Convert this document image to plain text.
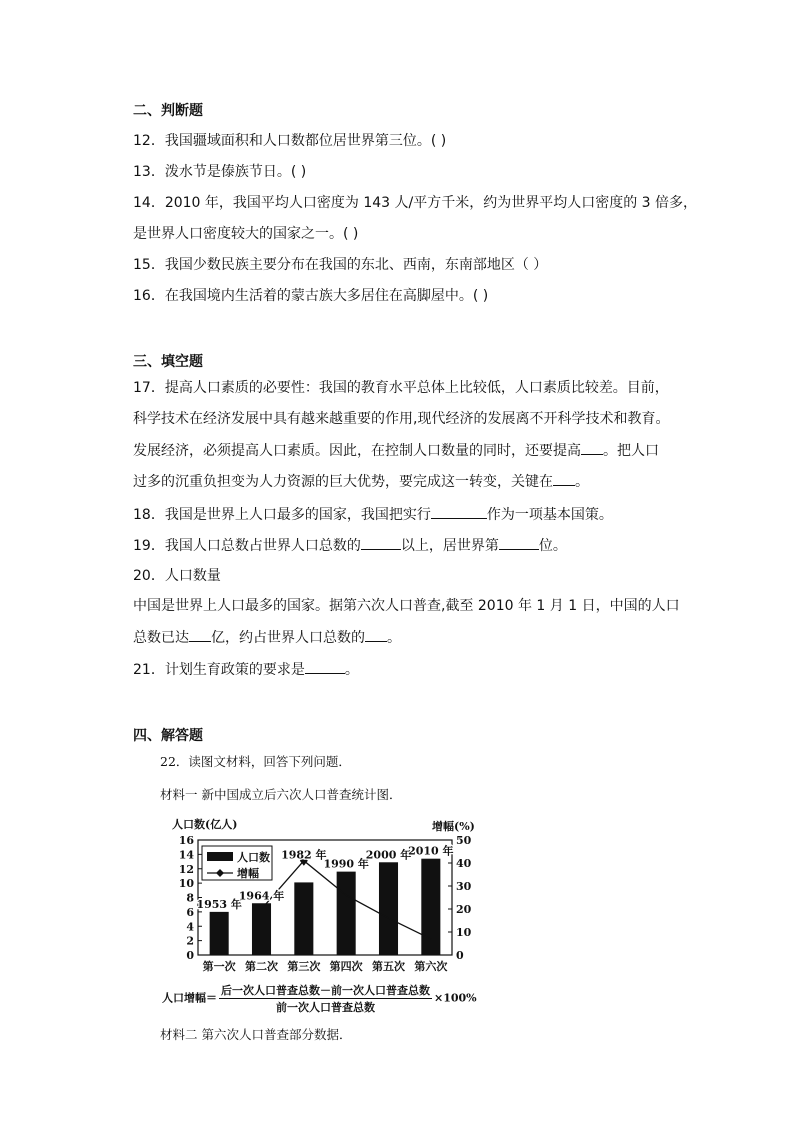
二、判断题
12．我国疆域面积和人口数都位居世界第三位。( )
13．泼水节是傣族节日。( )
14．2010 年，我国平均人口密度为 143 人/平方千米，约为世界平均人口密度的 3 倍多，
是世界人口密度较大的国家之一。( )
15．我国少数民族主要分布在我国的东北、西南，东南部地区（ ）
16．在我国境内生活着的蒙古族大多居住在高脚屋中。( )
三、填空题
17．提高人口素质的必要性：我国的教育水平总体上比较低，人口素质比较差。目前，
科学技术在经济发展中具有越来越重要的作用,现代经济的发展离不开科学技术和教育。
发展经济，必须提高人口素质。因此，在控制人口数量的同时，还要提高 。把人口
过多的沉重负担变为人力资源的巨大优势，要完成这一转变，关键在 。
18．我国是世界上人口最多的国家，我国把实行	作为一项基本国策。
19．我国人口总数占世界人口总数的	以上，居世界第	位。
20．人口数量
中国是世界上人口最多的国家。据第六次人口普查,截至 2010 年 1 月 1 日，中国的人口
总数已达 亿，约占世界人口总数的 。
21．计划生育政策的要求是	。
四、解答题
22．读图文材料，回答下列问题．
材料一 新中国成立后六次人口普查统计图．
人口数(亿人)	增幅(%)
0
2
4
6
8
10
12
14
16
0
10
20
30
40
50
第一次 第二次 第三次 第四次 第五次 第六次
1953 年
1964 年
1982 年
1990 年
2000 年
2010 年
人口数
增幅
人口增幅＝ $\frac{\text{后一次人口普查总数－前一次人口普查总数}}{\text{前一次人口普查总数}} \times 100\%$
材料二 第六次人口普查部分数据．
